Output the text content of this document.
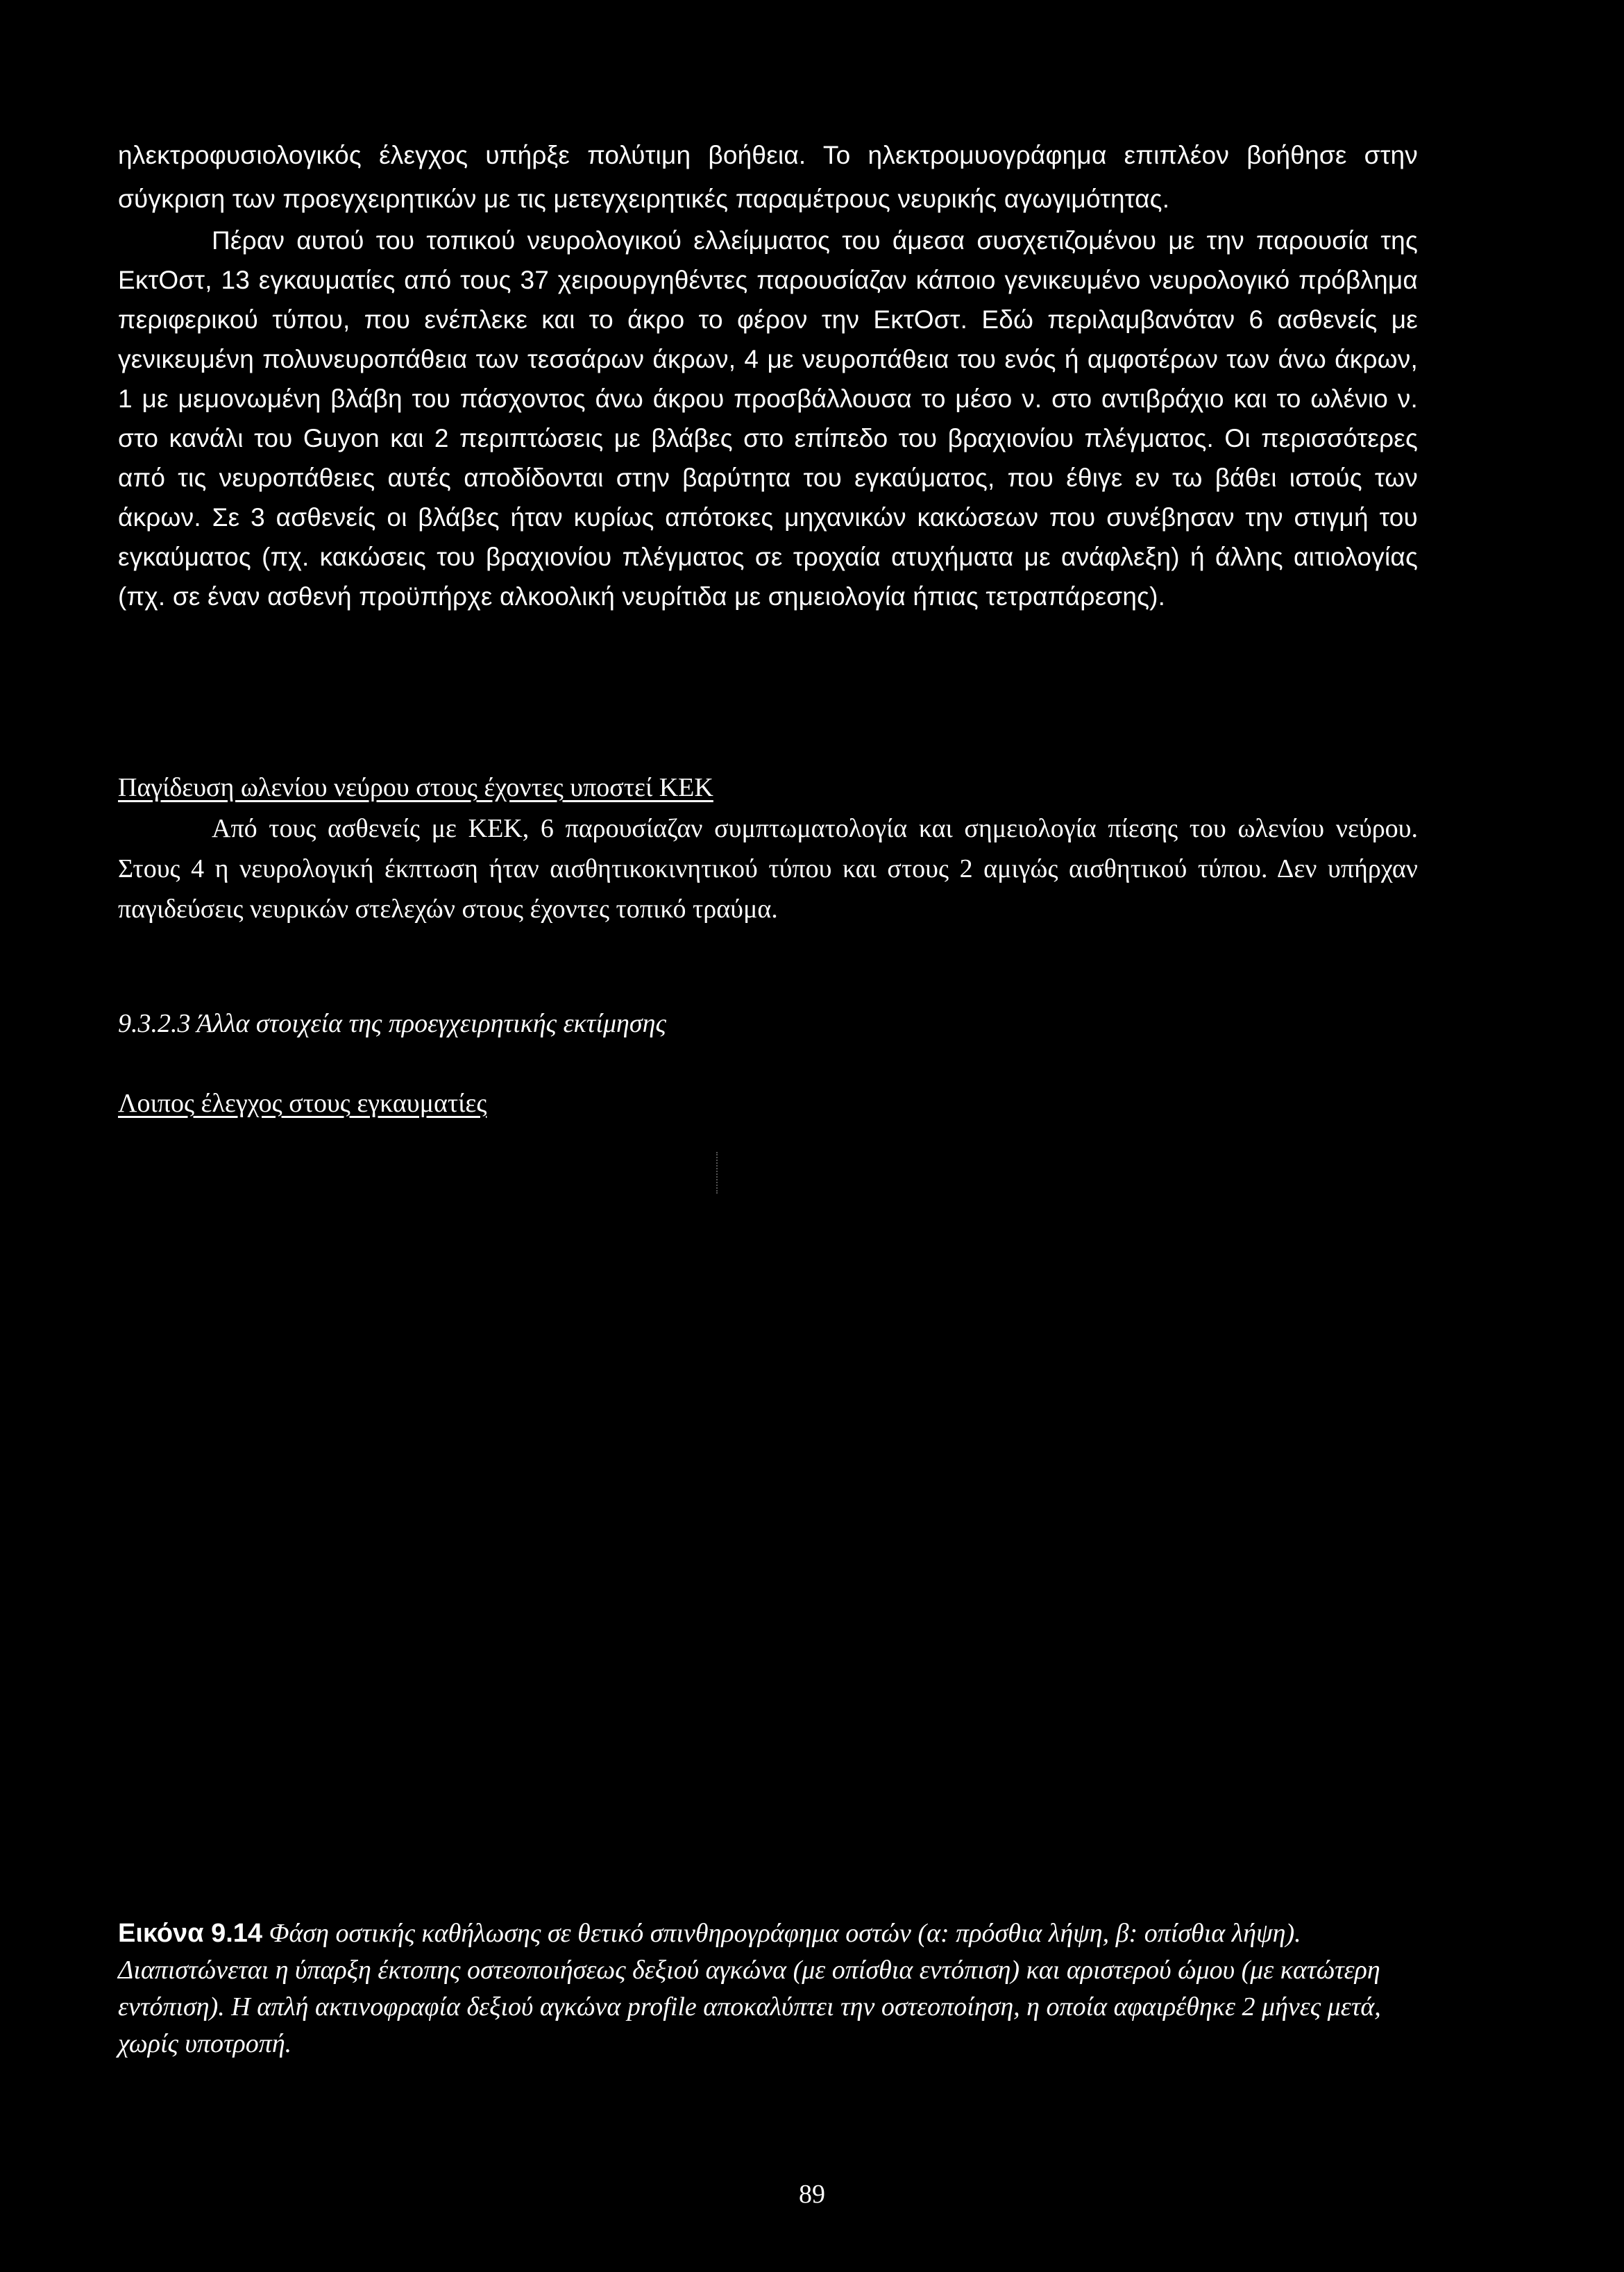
ηλεκτροφυσιολογικός έλεγχος υπήρξε πολύτιμη βοήθεια. Το ηλεκτρομυογράφημα επιπλέον βοήθησε στην σύγκριση των προεγχειρητικών με τις μετεγχειρητικές παραμέτρους νευρικής αγωγιμότητας.

Πέραν αυτού του τοπικού νευρολογικού ελλείμματος του άμεσα συσχετιζομένου με την παρουσία της ΕκτΟστ, 13 εγκαυματίες από τους 37 χειρουργηθέντες παρουσίαζαν κάποιο γενικευμένο νευρολογικό πρόβλημα περιφερικού τύπου, που ενέπλεκε και το άκρο το φέρον την ΕκτΟστ. Εδώ περιλαμβανόταν 6 ασθενείς με γενικευμένη πολυνευροπάθεια των τεσσάρων άκρων, 4 με νευροπάθεια του ενός ή αμφοτέρων των άνω άκρων, 1 με μεμονωμένη βλάβη του πάσχοντος άνω άκρου προσβάλλουσα το μέσο ν. στο αντιβράχιο και το ωλένιο ν. στο κανάλι του Guyon και 2 περιπτώσεις με βλάβες στο επίπεδο του βραχιονίου πλέγματος. Οι περισσότερες από τις νευροπάθειες αυτές αποδίδονται στην βαρύτητα του εγκαύματος, που έθιγε εν τω βάθει ιστούς των άκρων. Σε 3 ασθενείς οι βλάβες ήταν κυρίως απότοκες μηχανικών κακώσεων που συνέβησαν την στιγμή του εγκαύματος (πχ. κακώσεις του βραχιονίου πλέγματος σε τροχαία ατυχήματα με ανάφλεξη) ή άλλης αιτιολογίας (πχ. σε έναν ασθενή προϋπήρχε αλκοολική νευρίτιδα με σημειολογία ήπιας τετραπάρεσης).

Παγίδευση ωλενίου νεύρου στους έχοντες υποστεί ΚΕΚ

Από τους ασθενείς με ΚΕΚ, 6 παρουσίαζαν συμπτωματολογία και σημειολογία πίεσης του ωλενίου νεύρου. Στους 4 η νευρολογική έκπτωση ήταν αισθητικοκινητικού τύπου και στους 2 αμιγώς αισθητικού τύπου. Δεν υπήρχαν παγιδεύσεις νευρικών στελεχών στους έχοντες τοπικό τραύμα.

9.3.2.3 Άλλα στοιχεία της προεγχειρητικής εκτίμησης
Λοιπος έλεγχος στους εγκαυματίες

Εικόνα 9.14 Φάση οστικής καθήλωσης σε θετικό σπινθηρογράφημα οστών (α: πρόσθια λήψη, β: οπίσθια λήψη). Διαπιστώνεται η ύπαρξη έκτοπης οστεοποιήσεως δεξιού αγκώνα (με οπίσθια εντόπιση) και αριστερού ώμου (με κατώτερη εντόπιση). Η απλή ακτινοφραφία δεξιού αγκώνα profile αποκαλύπτει την οστεοποίηση, η οποία αφαιρέθηκε 2 μήνες μετά, χωρίς υποτροπή.

89
